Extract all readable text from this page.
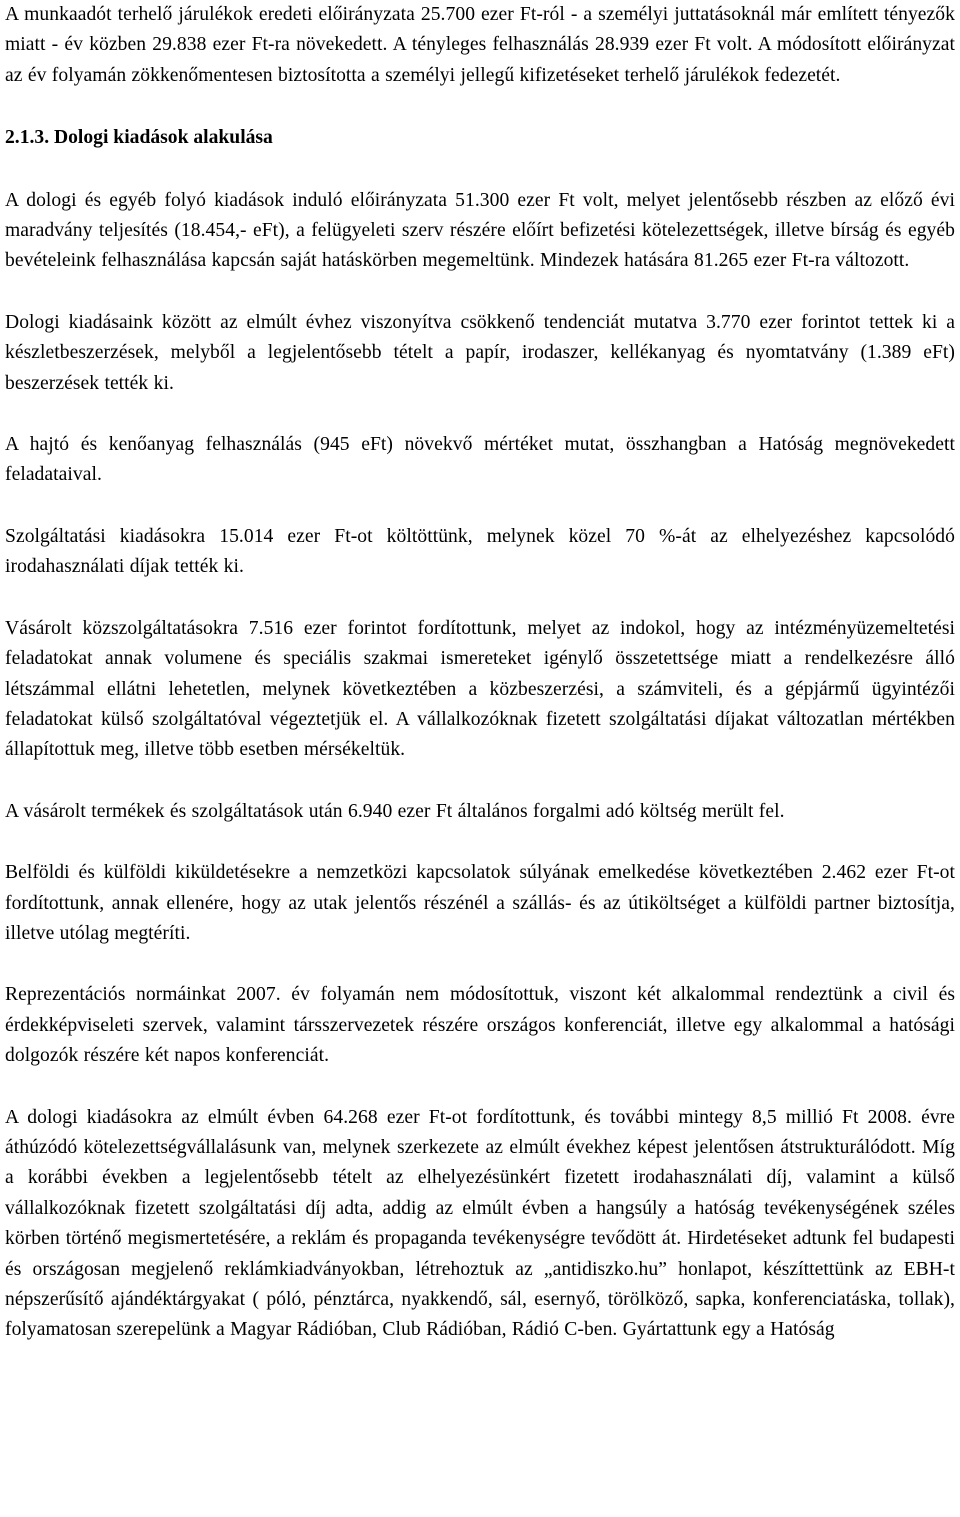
A munkaadót terhelő járulékok eredeti előirányzata 25.700 ezer Ft-ról - a személyi juttatásoknál már említett tényezők miatt - év közben 29.838 ezer Ft-ra növekedett. A tényleges felhasználás 28.939 ezer Ft volt. A módosított előirányzat az év folyamán zökkenőmentesen biztosította a személyi jellegű kifizetéseket terhelő járulékok fedezetét.

2.1.3. Dologi kiadások alakulása

A dologi és egyéb folyó kiadások induló előirányzata 51.300 ezer Ft volt, melyet jelentősebb részben az előző évi maradvány teljesítés (18.454,- eFt), a felügyeleti szerv részére előírt befizetési kötelezettségek, illetve bírság és egyéb bevételeink felhasználása kapcsán saját hatáskörben megemeltünk. Mindezek hatására 81.265 ezer Ft-ra változott.

Dologi kiadásaink között az elmúlt évhez viszonyítva csökkenő tendenciát mutatva 3.770 ezer forintot tettek ki a készletbeszerzések, melyből a legjelentősebb tételt a papír, irodaszer, kellékanyag és nyomtatvány (1.389 eFt) beszerzések tették ki.

A hajtó és kenőanyag felhasználás (945 eFt) növekvő mértéket mutat, összhangban a Hatóság megnövekedett feladataival.

Szolgáltatási kiadásokra 15.014 ezer Ft-ot költöttünk, melynek közel 70 %-át az elhelyezéshez kapcsolódó irodahasználati díjak tették ki.

Vásárolt közszolgáltatásokra 7.516 ezer forintot fordítottunk, melyet az indokol, hogy az intézményüzemeltetési feladatokat annak volumene és speciális szakmai ismereteket igénylő összetettsége miatt a rendelkezésre álló létszámmal ellátni lehetetlen, melynek következtében a közbeszerzési, a számviteli, és a gépjármű ügyintézői feladatokat külső szolgáltatóval végeztetjük el. A vállalkozóknak fizetett szolgáltatási díjakat változatlan mértékben állapítottuk meg, illetve több esetben mérsékeltük.

A vásárolt termékek és szolgáltatások után 6.940 ezer Ft általános forgalmi adó költség merült fel.

Belföldi és külföldi kiküldetésekre a nemzetközi kapcsolatok súlyának emelkedése következtében 2.462 ezer Ft-ot fordítottunk, annak ellenére, hogy az utak jelentős részénél a szállás- és az útiköltséget a külföldi partner biztosítja, illetve utólag megtéríti.

Reprezentációs normáinkat 2007. év folyamán nem módosítottuk, viszont két alkalommal rendeztünk a civil és érdekképviseleti szervek, valamint társszervezetek részére országos konferenciát, illetve egy alkalommal a hatósági dolgozók részére két napos konferenciát.

A dologi kiadásokra az elmúlt évben 64.268 ezer Ft-ot fordítottunk, és további mintegy 8,5 millió Ft 2008. évre áthúzódó kötelezettségvállalásunk van, melynek szerkezete az elmúlt évekhez képest jelentősen átstrukturálódott. Míg a korábbi években a legjelentősebb tételt az elhelyezésünkért fizetett irodahasználati díj, valamint a külső vállalkozóknak fizetett szolgáltatási díj adta, addig az elmúlt évben a hangsúly a hatóság tevékenységének széles körben történő megismertetésére, a reklám és propaganda tevékenységre tevődött át. Hirdetéseket adtunk fel budapesti és országosan megjelenő reklámkiadványokban, létrehoztuk az „antidiszko.hu” honlapot, készíttettünk az EBH-t népszerűsítő ajándéktárgyakat ( póló, pénztárca, nyakkendő, sál, esernyő, törölköző, sapka, konferenciatáska, tollak), folyamatosan szerepelünk a Magyar Rádióban, Club Rádióban, Rádió C-ben. Gyártattunk egy a Hatóság
